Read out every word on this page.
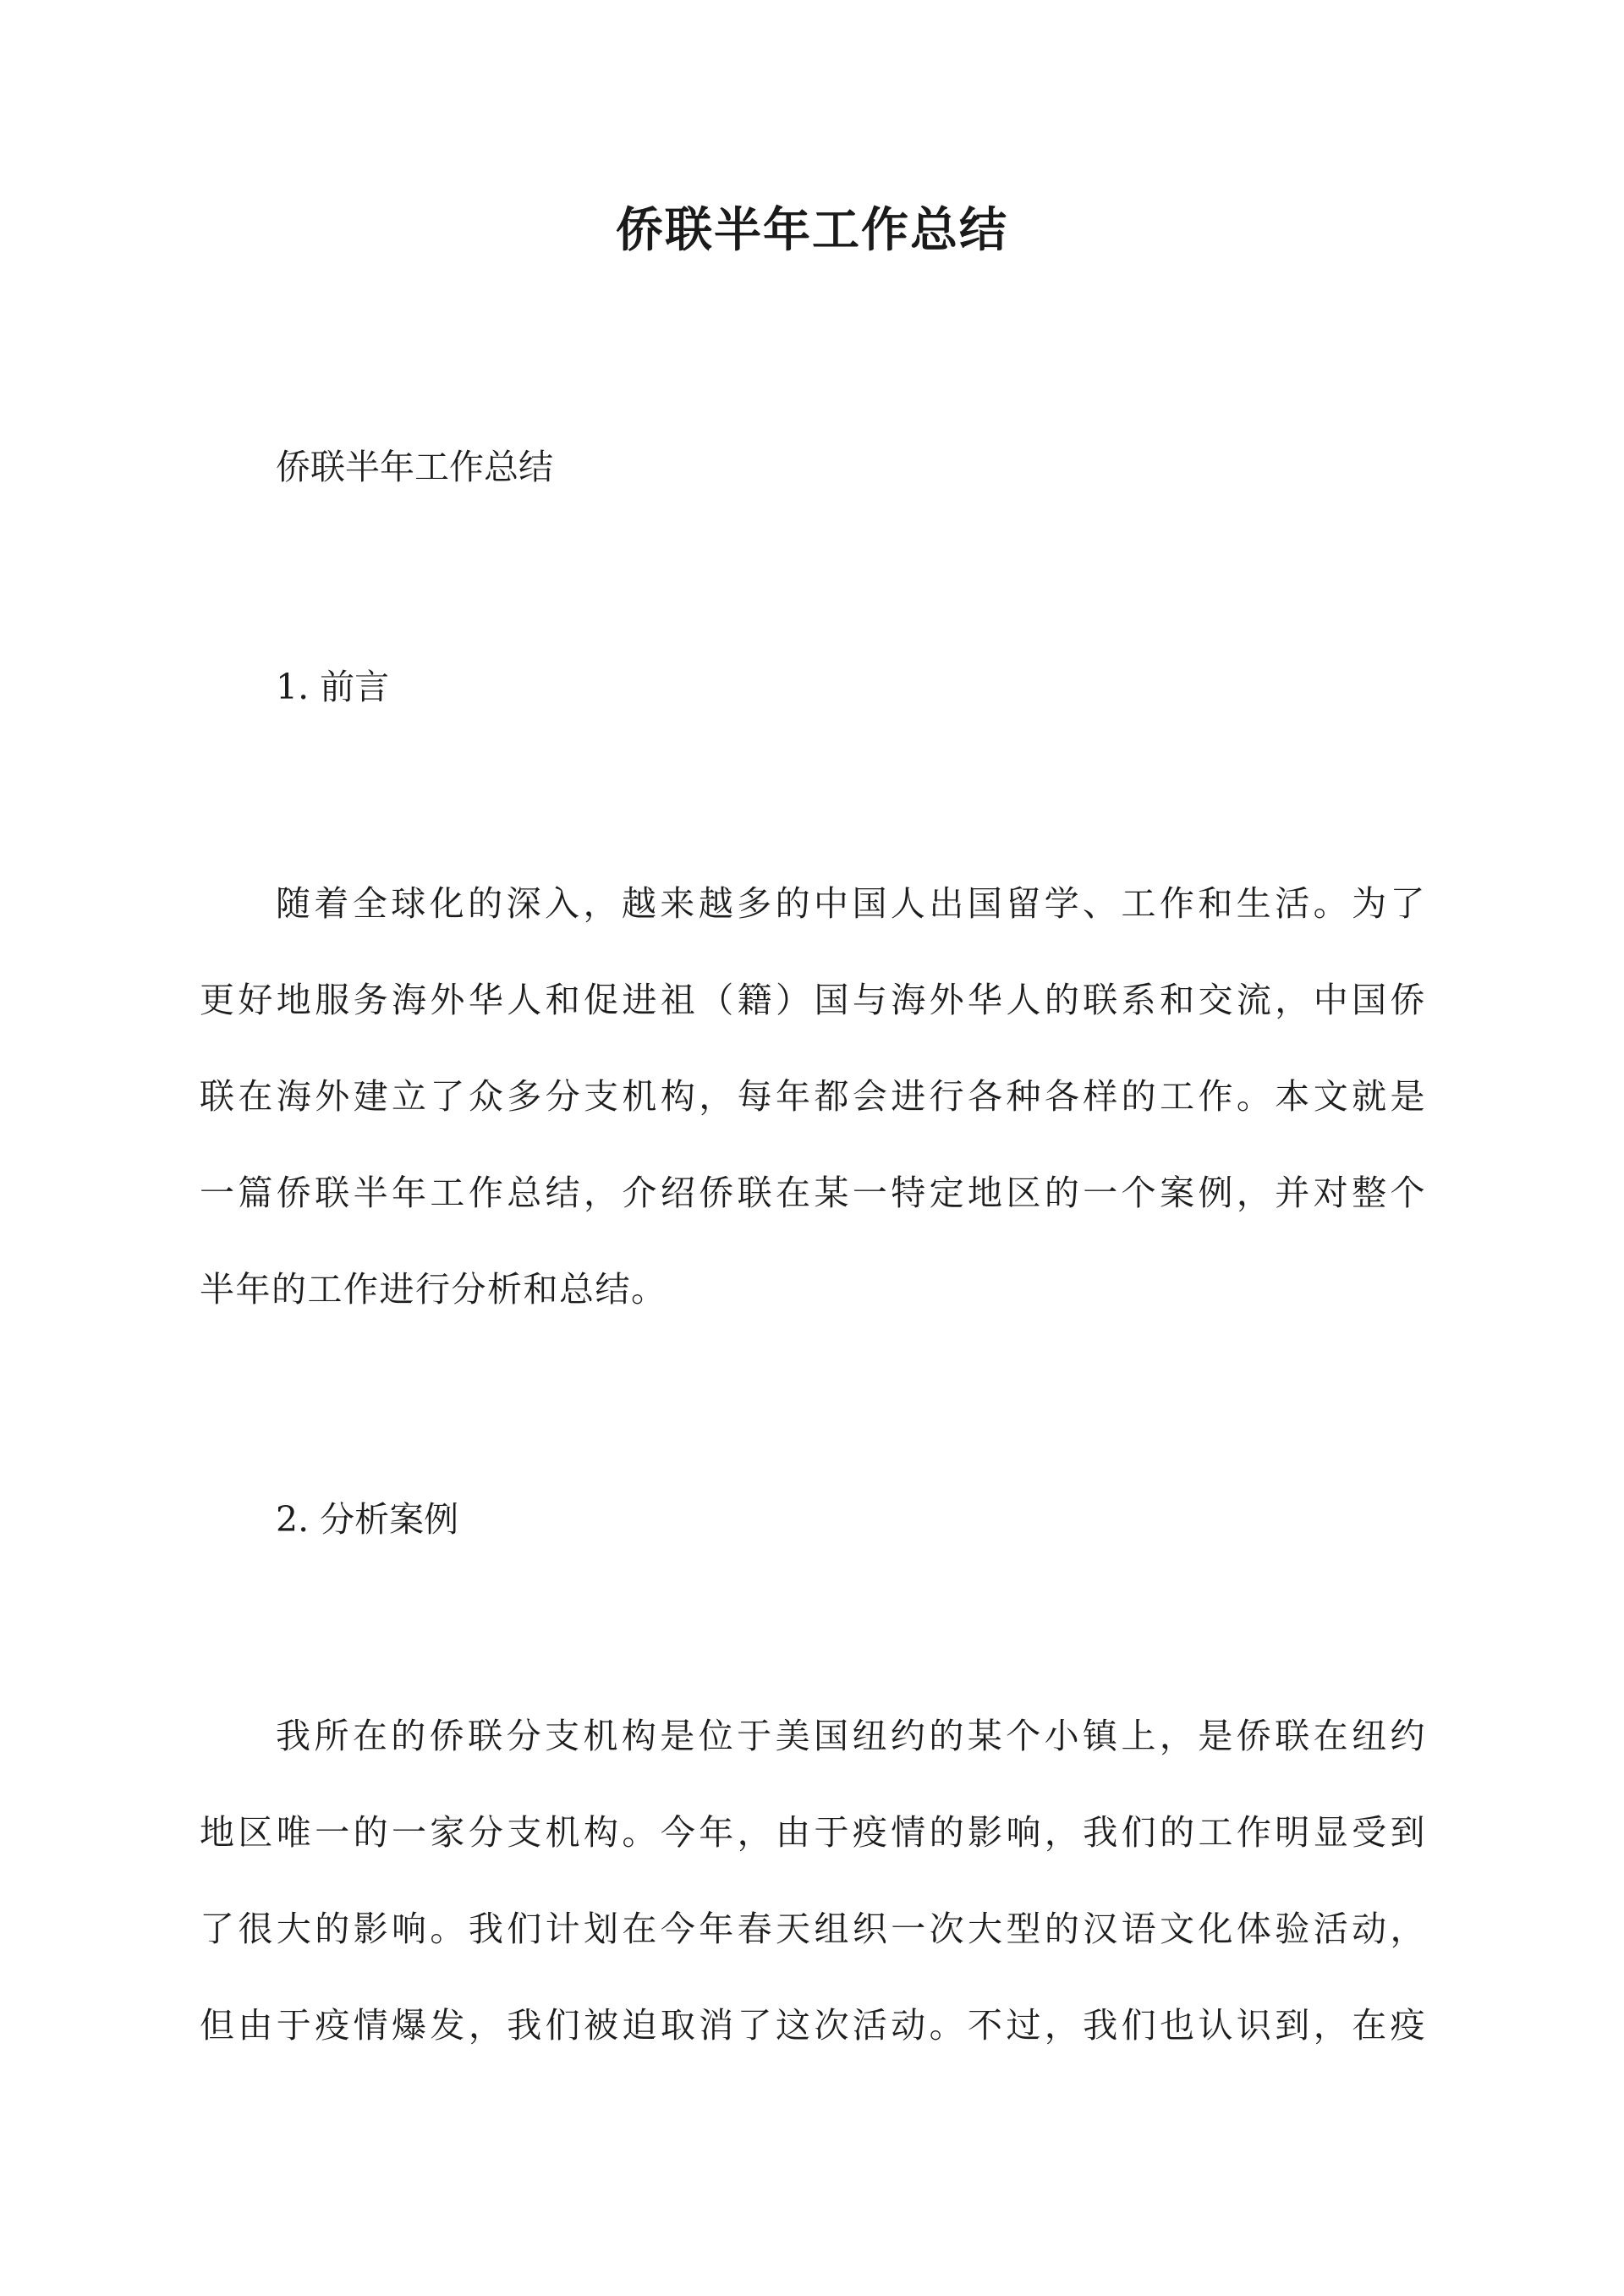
侨联半年工作总结

侨联半年工作总结

1. 前言

随着全球化的深入，越来越多的中国人出国留学、工作和生活。为了
更好地服务海外华人和促进祖（籍）国与海外华人的联系和交流，中国侨
联在海外建立了众多分支机构，每年都会进行各种各样的工作。本文就是
一篇侨联半年工作总结，介绍侨联在某一特定地区的一个案例，并对整个
半年的工作进行分析和总结。

2. 分析案例

我所在的侨联分支机构是位于美国纽约的某个小镇上，是侨联在纽约
地区唯一的一家分支机构。今年，由于疫情的影响，我们的工作明显受到
了很大的影响。我们计划在今年春天组织一次大型的汉语文化体验活动，
但由于疫情爆发，我们被迫取消了这次活动。不过，我们也认识到，在疫
